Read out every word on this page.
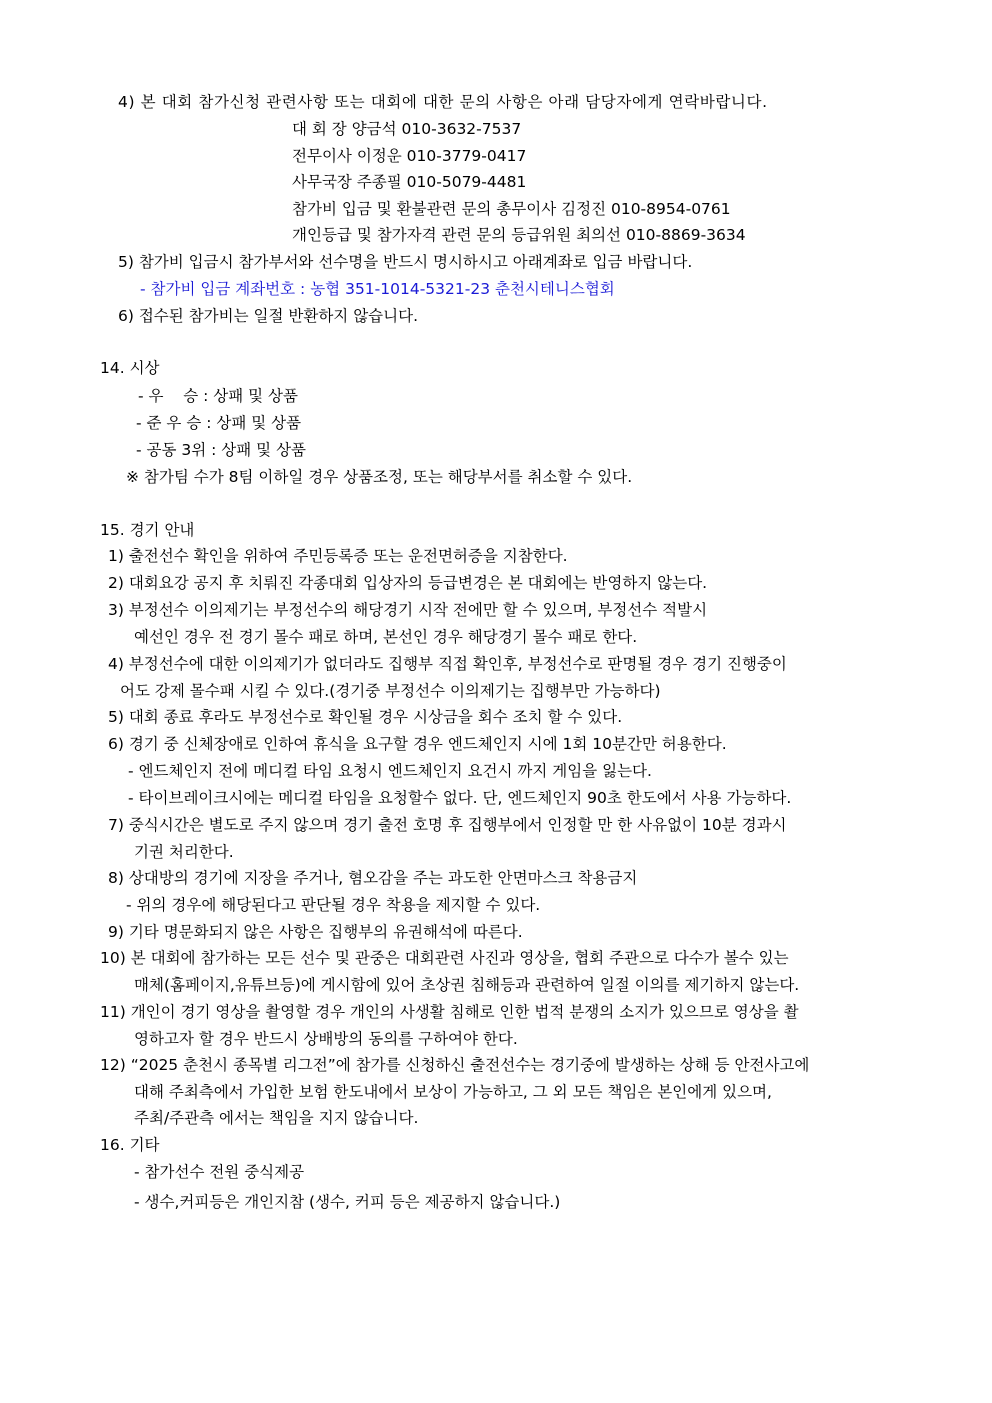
4) 본 대회 참가신청 관련사항 또는 대회에 대한 문의 사항은 아래 담당자에게 연락바랍니다.
대 회 장 양금석 010-3632-7537
전무이사 이정운 010-3779-0417
사무국장 주종필 010-5079-4481
참가비 입금 및 환불관련 문의 총무이사 김정진 010-8954-0761
개인등급 및 참가자격 관련 문의 등급위원 최의선 010-8869-3634
5) 참가비 입금시 참가부서와 선수명을 반드시 명시하시고 아래계좌로 입금 바랍니다.
- 참가비 입금 계좌번호 : 농협 351-1014-5321-23 춘천시테니스협회
6) 접수된 참가비는 일절 반환하지 않습니다.
14. 시상
- 우    승 : 상패 및 상품
- 준 우 승 : 상패 및 상품
- 공동 3위 : 상패 및 상품
※ 참가팀 수가 8팀 이하일 경우 상품조정, 또는 해당부서를 취소할 수 있다.
15. 경기 안내
1) 출전선수 확인을 위하여 주민등록증 또는 운전면허증을 지참한다.
2) 대회요강 공지 후 치뤄진 각종대회 입상자의 등급변경은 본 대회에는 반영하지 않는다.
3) 부정선수 이의제기는 부정선수의 해당경기 시작 전에만 할 수 있으며, 부정선수 적발시
예선인 경우 전 경기 몰수 패로 하며, 본선인 경우 해당경기 몰수 패로 한다.
4) 부정선수에 대한 이의제기가 없더라도 집행부 직접 확인후, 부정선수로 판명될 경우 경기 진행중이
어도 강제 몰수패 시킬 수 있다.(경기중 부정선수 이의제기는 집행부만 가능하다)
5) 대회 종료 후라도 부정선수로 확인될 경우 시상금을 회수 조치 할 수 있다.
6) 경기 중 신체장애로 인하여 휴식을 요구할 경우 엔드체인지 시에 1회 10분간만 허용한다.
- 엔드체인지 전에 메디컬 타임 요청시 엔드체인지 요건시 까지 게임을 잃는다.
- 타이브레이크시에는 메디컬 타임을 요청할수 없다. 단, 엔드체인지 90초 한도에서 사용 가능하다.
7) 중식시간은 별도로 주지 않으며 경기 출전 호명 후 집행부에서 인정할 만 한 사유없이 10분 경과시
기권 처리한다.
8) 상대방의 경기에 지장을 주거나, 혐오감을 주는 과도한 안면마스크 착용금지
- 위의 경우에 해당된다고 판단될 경우 착용을 제지할 수 있다.
9) 기타 명문화되지 않은 사항은 집행부의 유권해석에 따른다.
10) 본 대회에 참가하는 모든 선수 및 관중은 대회관련 사진과 영상을, 협회 주관으로 다수가 볼수 있는
매체(홈페이지,유튜브등)에 게시함에 있어 초상권 침해등과 관련하여 일절 이의를 제기하지 않는다.
11) 개인이 경기 영상을 촬영할 경우 개인의 사생활 침해로 인한 법적 분쟁의 소지가 있으므로 영상을 촬
영하고자 할 경우 반드시 상배방의 동의를 구하여야 한다.
12) “2025 춘천시 종목별 리그전”에 참가를 신청하신 출전선수는 경기중에 발생하는 상해 등 안전사고에
대해 주최측에서 가입한 보험 한도내에서 보상이 가능하고, 그 외 모든 책임은 본인에게 있으며,
주최/주관측 에서는 책임을 지지 않습니다.
16. 기타
- 참가선수 전원 중식제공
- 생수,커피등은 개인지참 (생수, 커피 등은 제공하지 않습니다.)
